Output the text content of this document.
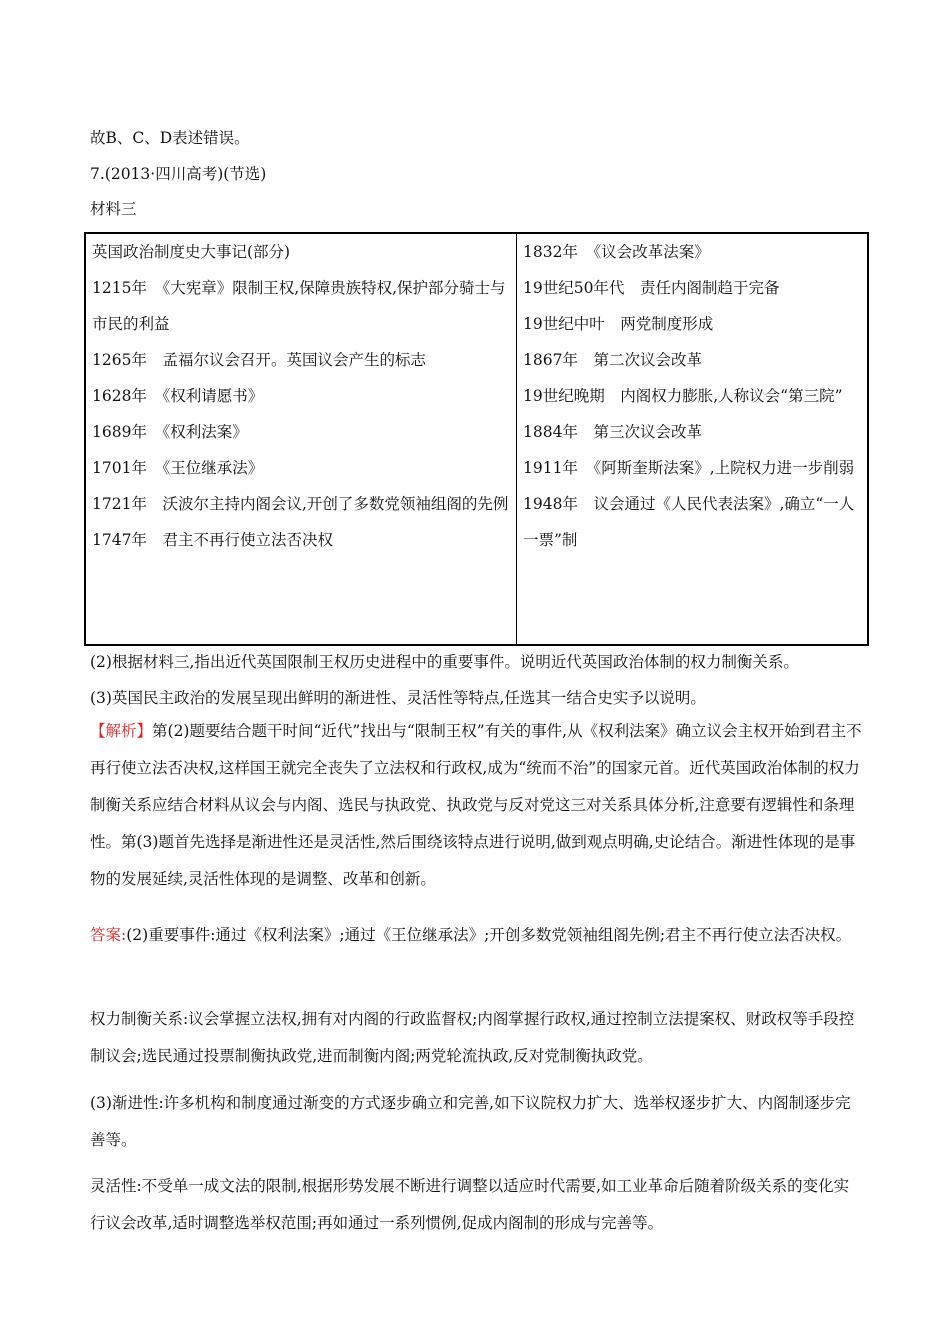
故B、C、D表述错误。
7.(2013·四川高考)(节选)
材料三
英国政治制度史大事记(部分)
1215年　《大宪章》限制王权,保障贵族特权,保护部分骑士与市民的利益
1265年　孟福尔议会召开。英国议会产生的标志
1628年　《权利请愿书》
1689年　《权利法案》
1701年　《王位继承法》
1721年　沃波尔主持内阁会议,开创了多数党领袖组阁的先例
1747年　君主不再行使立法否决权

1832年　《议会改革法案》
19世纪50年代　责任内阁制趋于完备
19世纪中叶　两党制度形成
1867年　第二次议会改革
19世纪晚期　内阁权力膨胀,人称议会“第三院”
1884年　第三次议会改革
1911年　《阿斯奎斯法案》,上院权力进一步削弱
1948年　议会通过《人民代表法案》,确立“一人一票”制
(2)根据材料三,指出近代英国限制王权历史进程中的重要事件。说明近代英国政治体制的权力制衡关系。
(3)英国民主政治的发展呈现出鲜明的渐进性、灵活性等特点,任选其一结合史实予以说明。
【解析】第(2)题要结合题干时间“近代”找出与“限制王权”有关的事件,从《权利法案》确立议会主权开始到君主不再行使立法否决权,这样国王就完全丧失了立法权和行政权,成为“统而不治”的国家元首。近代英国政治体制的权力制衡关系应结合材料从议会与内阁、选民与执政党、执政党与反对党这三对关系具体分析,注意要有逻辑性和条理性。第(3)题首先选择是渐进性还是灵活性,然后围绕该特点进行说明,做到观点明确,史论结合。渐进性体现的是事物的发展延续,灵活性体现的是调整、改革和创新。
答案:(2)重要事件:通过《权利法案》;通过《王位继承法》;开创多数党领袖组阁先例;君主不再行使立法否决权。
权力制衡关系:议会掌握立法权,拥有对内阁的行政监督权;内阁掌握行政权,通过控制立法提案权、财政权等手段控制议会;选民通过投票制衡执政党,进而制衡内阁;两党轮流执政,反对党制衡执政党。
(3)渐进性:许多机构和制度通过渐变的方式逐步确立和完善,如下议院权力扩大、选举权逐步扩大、内阁制逐步完善等。
灵活性:不受单一成文法的限制,根据形势发展不断进行调整以适应时代需要,如工业革命后随着阶级关系的变化实行议会改革,适时调整选举权范围;再如通过一系列惯例,促成内阁制的形成与完善等。
